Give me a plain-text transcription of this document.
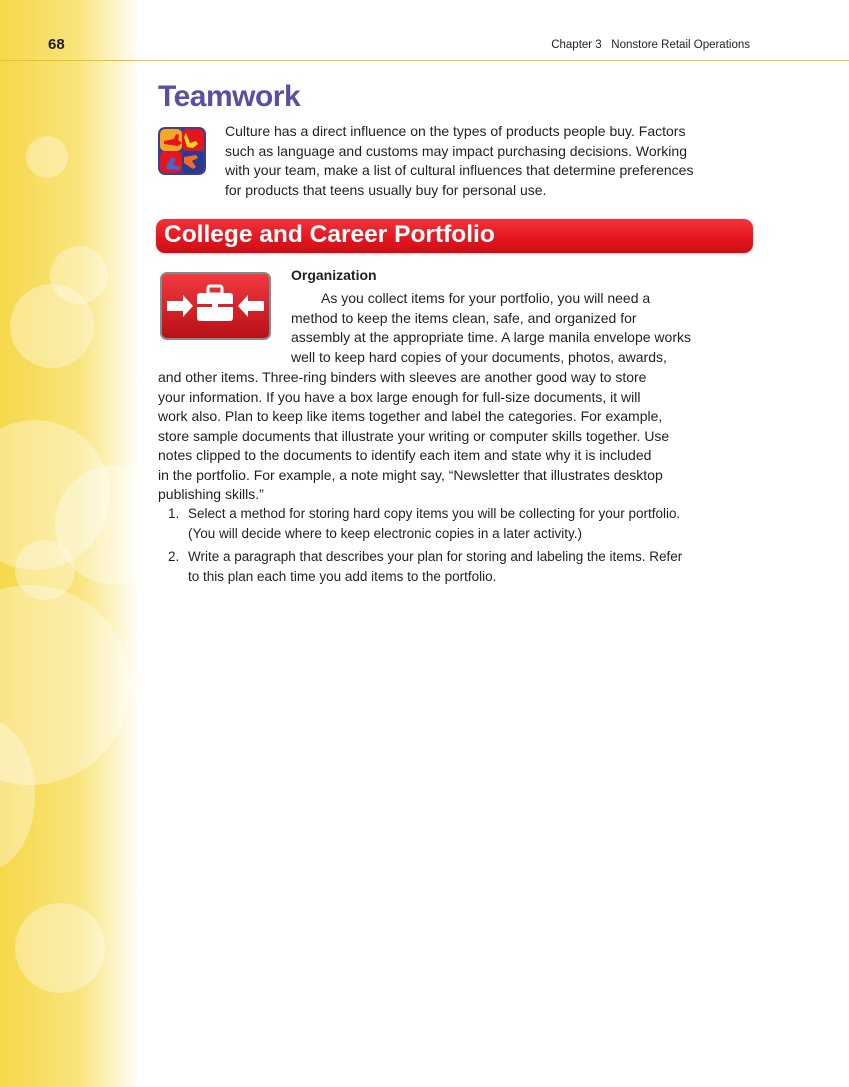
68	Chapter 3   Nonstore Retail Operations
Teamwork
Culture has a direct influence on the types of products people buy. Factors
such as language and customs may impact purchasing decisions. Working
with your team, make a list of cultural influences that determine preferences
for products that teens usually buy for personal use.
College and Career Portfolio
Organization
As you collect items for your portfolio, you will need a
method to keep the items clean, safe, and organized for
assembly at the appropriate time. A large manila envelope works
well to keep hard copies of your documents, photos, awards,
and other items. Three-ring binders with sleeves are another good way to store
your information. If you have a box large enough for full-size documents, it will
work also. Plan to keep like items together and label the categories. For example,
store sample documents that illustrate your writing or computer skills together. Use
notes clipped to the documents to identify each item and state why it is included
in the portfolio. For example, a note might say, “Newsletter that illustrates desktop
publishing skills.”
1. Select a method for storing hard copy items you will be collecting for your portfolio.
(You will decide where to keep electronic copies in a later activity.)
2. Write a paragraph that describes your plan for storing and labeling the items. Refer
to this plan each time you add items to the portfolio.
